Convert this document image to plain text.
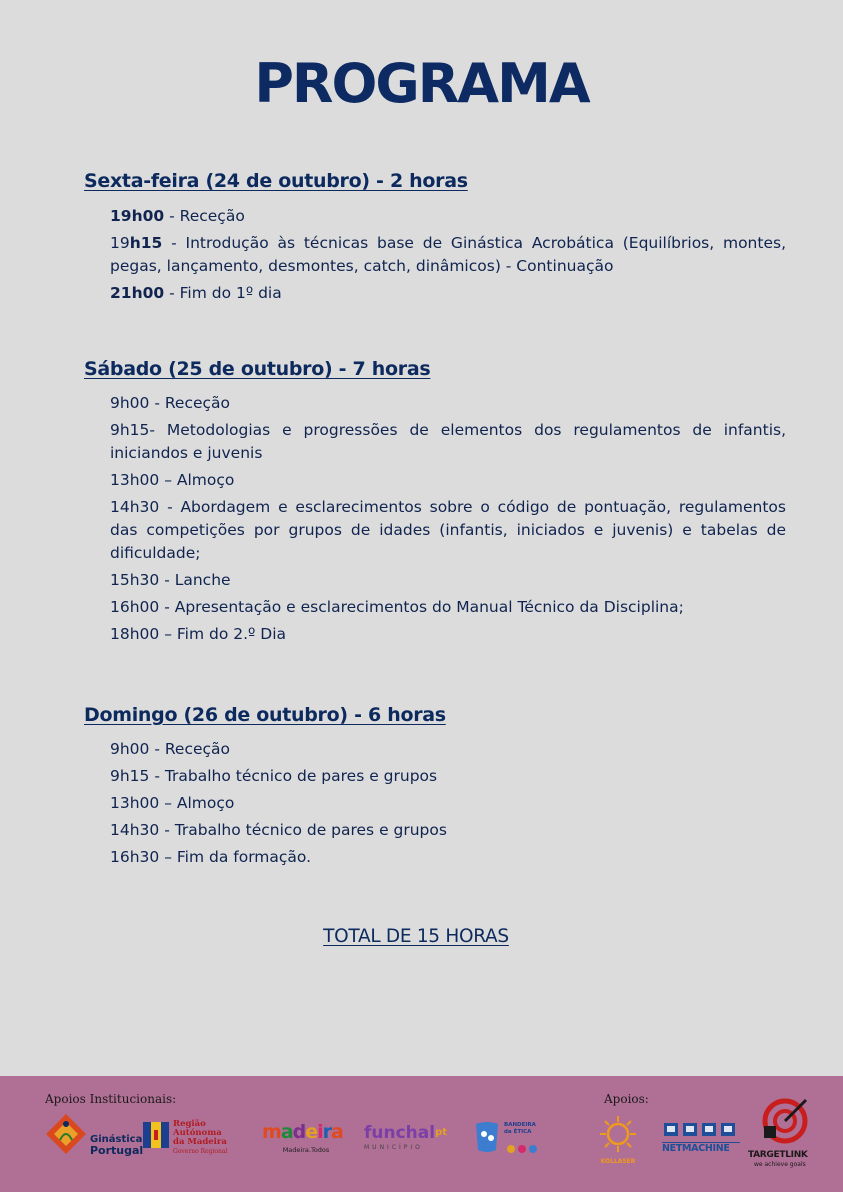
PROGRAMA
Sexta-feira (24 de outubro) - 2 horas
19h00 - Receção
19h15 - Introdução às técnicas base de Ginástica Acrobática (Equilíbrios, montes, pegas, lançamento, desmontes, catch, dinâmicos) - Continuação
21h00 - Fim do 1º dia
Sábado (25 de outubro) - 7 horas
9h00 - Receção
9h15- Metodologias e progressões de elementos dos regulamentos de infantis, iniciandos e juvenis
13h00 – Almoço
14h30 - Abordagem e esclarecimentos sobre o código de pontuação, regulamentos das competições por grupos de idades (infantis, iniciados e juvenis) e tabelas de dificuldade;
15h30 - Lanche
16h00 - Apresentação e esclarecimentos do Manual Técnico da Disciplina;
18h00 – Fim do 2.º Dia
Domingo (26 de outubro) - 6 horas
9h00 - Receção
9h15 - Trabalho técnico de pares e grupos
13h00 – Almoço
14h30 - Trabalho técnico de pares e grupos
16h30 – Fim da formação.
TOTAL DE 15 HORAS
Apoios Institucionais:	Apoios:
Ginástica
Portugal
Região Autónoma
da Madeira
Governo Regional
madeira
Madeira.Todos
funchal$^{pt}$
MUNICÍPIO
BANDEIRA
da ÉTICA
KOLLASER
NETMACHINE
TARGETLINK
we achieve goals
